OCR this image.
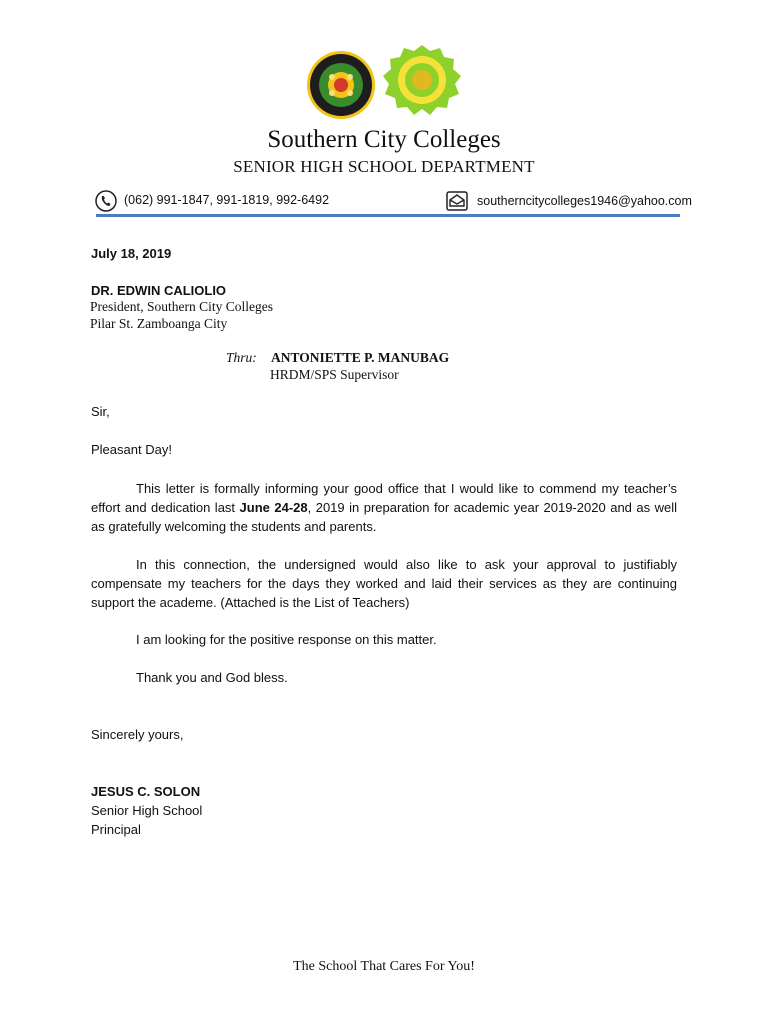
Southern City Colleges
SENIOR HIGH SCHOOL DEPARTMENT
(062) 991-1847, 991-1819, 992-6492	southerncitycolleges1946@yahoo.com
July 18, 2019
DR. EDWIN CALIOLIO
President, Southern City Colleges
Pilar St. Zamboanga City
Thru: ANTONIETTE P. MANUBAG
HRDM/SPS Supervisor
Sir,
Pleasant Day!
This letter is formally informing your good office that I would like to commend my teacher’s effort and dedication last June 24-28, 2019 in preparation for academic year 2019-2020 and as well as gratefully welcoming the students and parents.
In this connection, the undersigned would also like to ask your approval to justifiably compensate my teachers for the days they worked and laid their services as they are continuing support the academe. (Attached is the List of Teachers)
I am looking for the positive response on this matter.
Thank you and God bless.
Sincerely yours,
JESUS C. SOLON
Senior High School
Principal
The School That Cares For You!
